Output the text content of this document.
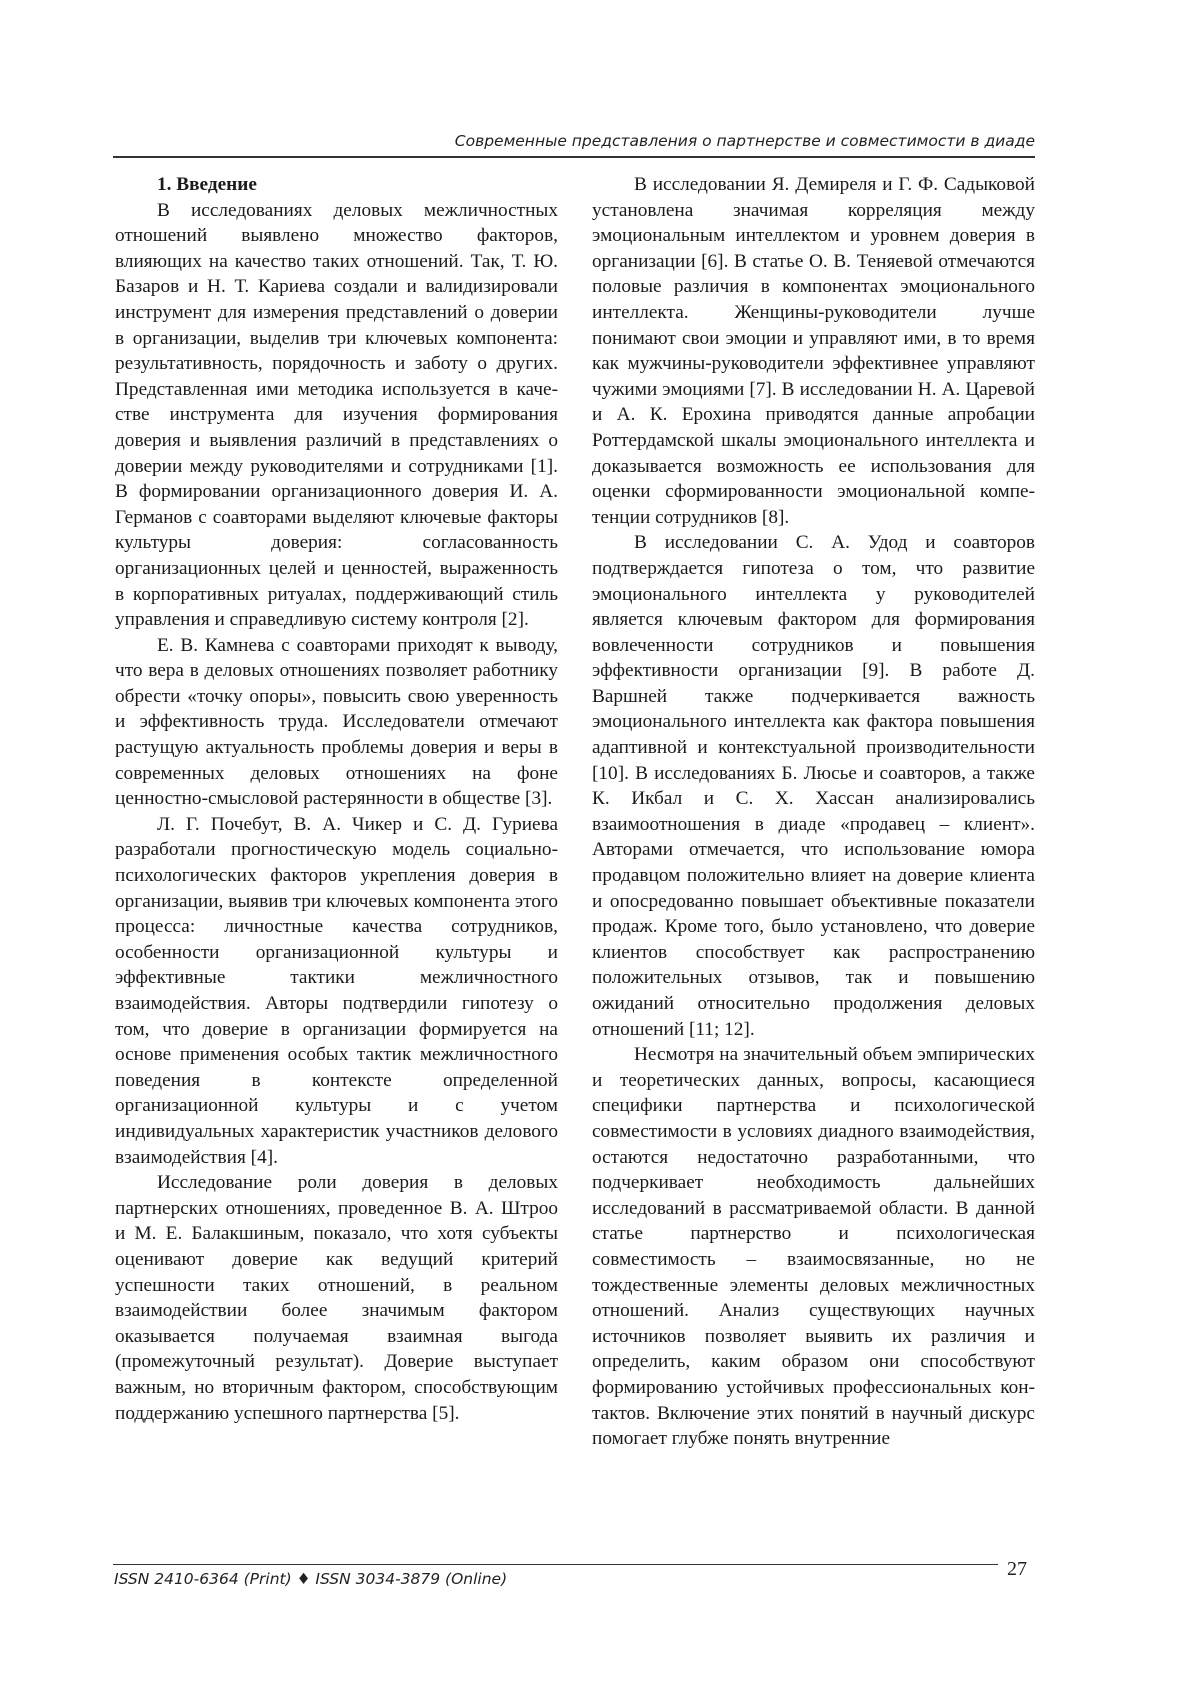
Современные представления о партнерстве и совместимости в диаде
1. Введение

В исследованиях деловых межличностных отношений выявлено множество факторов, влияющих на качество таких отношений. Так, Т. Ю. Базаров и Н. Т. Кариева создали и валидизировали инструмент для измерения представлений о доверии в организации, выделив три ключевых компонента: результативность, порядочность и заботу о других. Представленная ими методика используется в качестве инструмента для изучения формирования доверия и выявления различий в представлениях о доверии между руководителями и сотрудниками [1]. В формировании организационного доверия И. А. Германов с соавторами выделяют ключевые факторы культуры доверия: согласованность организационных целей и ценностей, выраженность в корпоративных ритуалах, поддерживающий стиль управления и справедливую систему контроля [2].

Е. В. Камнева с соавторами приходят к выводу, что вера в деловых отношениях позволяет работнику обрести «точку опоры», повысить свою уверенность и эффективность труда. Исследователи отмечают растущую актуальность проблемы доверия и веры в современных деловых отношениях на фоне ценностно-смысловой растерянности в обществе [3].

Л. Г. Почебут, В. А. Чикер и С. Д. Гуриева разработали прогностическую модель социально-психологических факторов укрепления доверия в организации, выявив три ключевых компонента этого процесса: личностные качества сотрудников, особенности организационной культуры и эффективные тактики межличностного взаимодействия. Авторы подтвердили гипотезу о том, что доверие в организации формируется на основе применения особых тактик межличностного поведения в контексте определенной организационной культуры и с учетом индивидуальных характеристик участников делового взаимодействия [4].

Исследование роли доверия в деловых партнерских отношениях, проведенное В. А. Штроо и М. Е. Балакшиным, показало, что хотя субъекты оценивают доверие как ведущий критерий успешности таких отношений, в реальном взаимодействии более значимым фактором оказывается получаемая взаимная выгода (промежуточный результат). Доверие выступает важным, но вторичным фактором, способствующим поддержанию успешного партнерства [5].

В исследовании Я. Демиреля и Г. Ф. Садыковой установлена значимая корреляция между эмоциональным интеллектом и уровнем доверия в организации [6]. В статье О. В. Теняевой отмечаются половые различия в компонентах эмоционального интеллекта. Женщины-руководители лучше понимают свои эмоции и управляют ими, в то время как мужчины-руководители эффективнее управляют чужими эмоциями [7]. В исследовании Н. А. Царевой и А. К. Ерохина приводятся данные апробации Роттердамской шкалы эмоционального интеллекта и доказывается возможность ее использования для оценки сформированности эмоциональной компетенции сотрудников [8].

В исследовании С. А. Удод и соавторов подтверждается гипотеза о том, что развитие эмоционального интеллекта у руководителей является ключевым фактором для формирования вовлеченности сотрудников и повышения эффективности организации [9]. В работе Д. Варшней также подчеркивается важность эмоционального интеллекта как фактора повышения адаптивной и контекстуальной производительности [10]. В исследованиях Б. Люсье и соавторов, а также К. Икбал и С. Х. Хассан анализировались взаимоотношения в диаде «продавец – клиент». Авторами отмечается, что использование юмора продавцом положительно влияет на доверие клиента и опосредованно повышает объективные показатели продаж. Кроме того, было установлено, что доверие клиентов способствует как распространению положительных отзывов, так и повышению ожиданий относительно продолжения деловых отношений [11; 12].

Несмотря на значительный объем эмпирических и теоретических данных, вопросы, касающиеся специфики партнерства и психологической совместимости в условиях диадного взаимодействия, остаются недостаточно разработанными, что подчеркивает необходимость дальнейших исследований в рассматриваемой области. В данной статье партнерство и психологическая совместимость – взаимосвязанные, но не тождественные элементы деловых межличностных отношений. Анализ существующих научных источников позволяет выявить их различия и определить, каким образом они способствуют формированию устойчивых профессиональных контактов. Включение этих понятий в научный дискурс помогает глубже понять внутренние

ISSN 2410-6364 (Print) ♦ ISSN 3034-3879 (Online)	27
